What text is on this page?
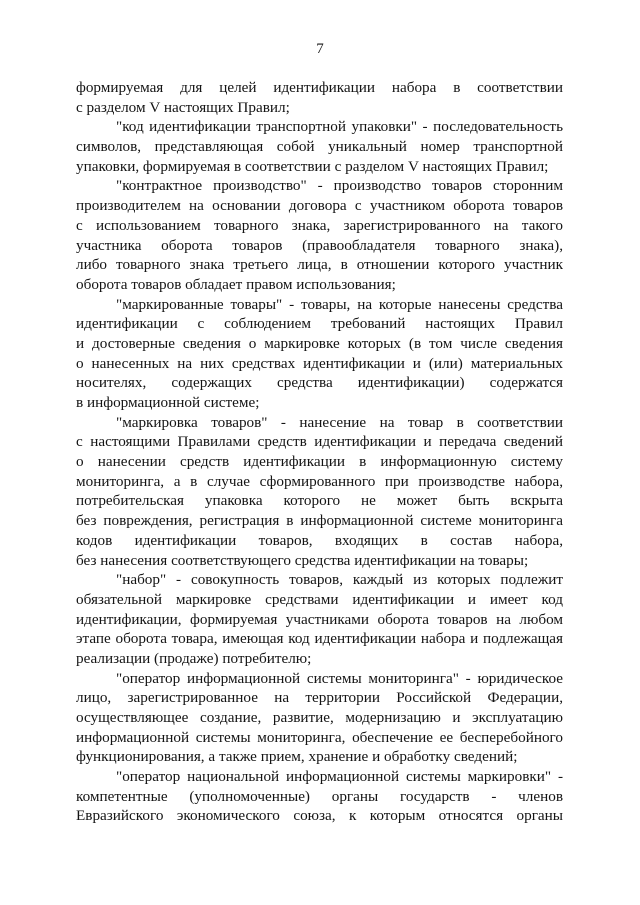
7
формируемая для целей идентификации набора в соответствии
с разделом V настоящих Правил;
"код идентификации транспортной упаковки" - последовательность
символов, представляющая собой уникальный номер транспортной
упаковки, формируемая в соответствии с разделом V настоящих Правил;
"контрактное производство" - производство товаров сторонним
производителем на основании договора с участником оборота товаров
с использованием товарного знака, зарегистрированного на такого
участника оборота товаров (правообладателя товарного знака),
либо товарного знака третьего лица, в отношении которого участник
оборота товаров обладает правом использования;
"маркированные товары" - товары, на которые нанесены средства
идентификации с соблюдением требований настоящих Правил
и достоверные сведения о маркировке которых (в том числе сведения
о нанесенных на них средствах идентификации и (или) материальных
носителях, содержащих средства идентификации) содержатся
в информационной системе;
"маркировка товаров" - нанесение на товар в соответствии
с настоящими Правилами средств идентификации и передача сведений
о нанесении средств идентификации в информационную систему
мониторинга, а в случае сформированного при производстве набора,
потребительская упаковка которого не может быть вскрыта
без повреждения, регистрация в информационной системе мониторинга
кодов идентификации товаров, входящих в состав набора,
без нанесения соответствующего средства идентификации на товары;
"набор" - совокупность товаров, каждый из которых подлежит
обязательной маркировке средствами идентификации и имеет код
идентификации, формируемая участниками оборота товаров на любом
этапе оборота товара, имеющая код идентификации набора и подлежащая
реализации (продаже) потребителю;
"оператор информационной системы мониторинга" - юридическое
лицо, зарегистрированное на территории Российской Федерации,
осуществляющее создание, развитие, модернизацию и эксплуатацию
информационной системы мониторинга, обеспечение ее бесперебойного
функционирования, а также прием, хранение и обработку сведений;
"оператор национальной информационной системы маркировки" -
компетентные (уполномоченные) органы государств - членов
Евразийского экономического союза, к которым относятся органы
